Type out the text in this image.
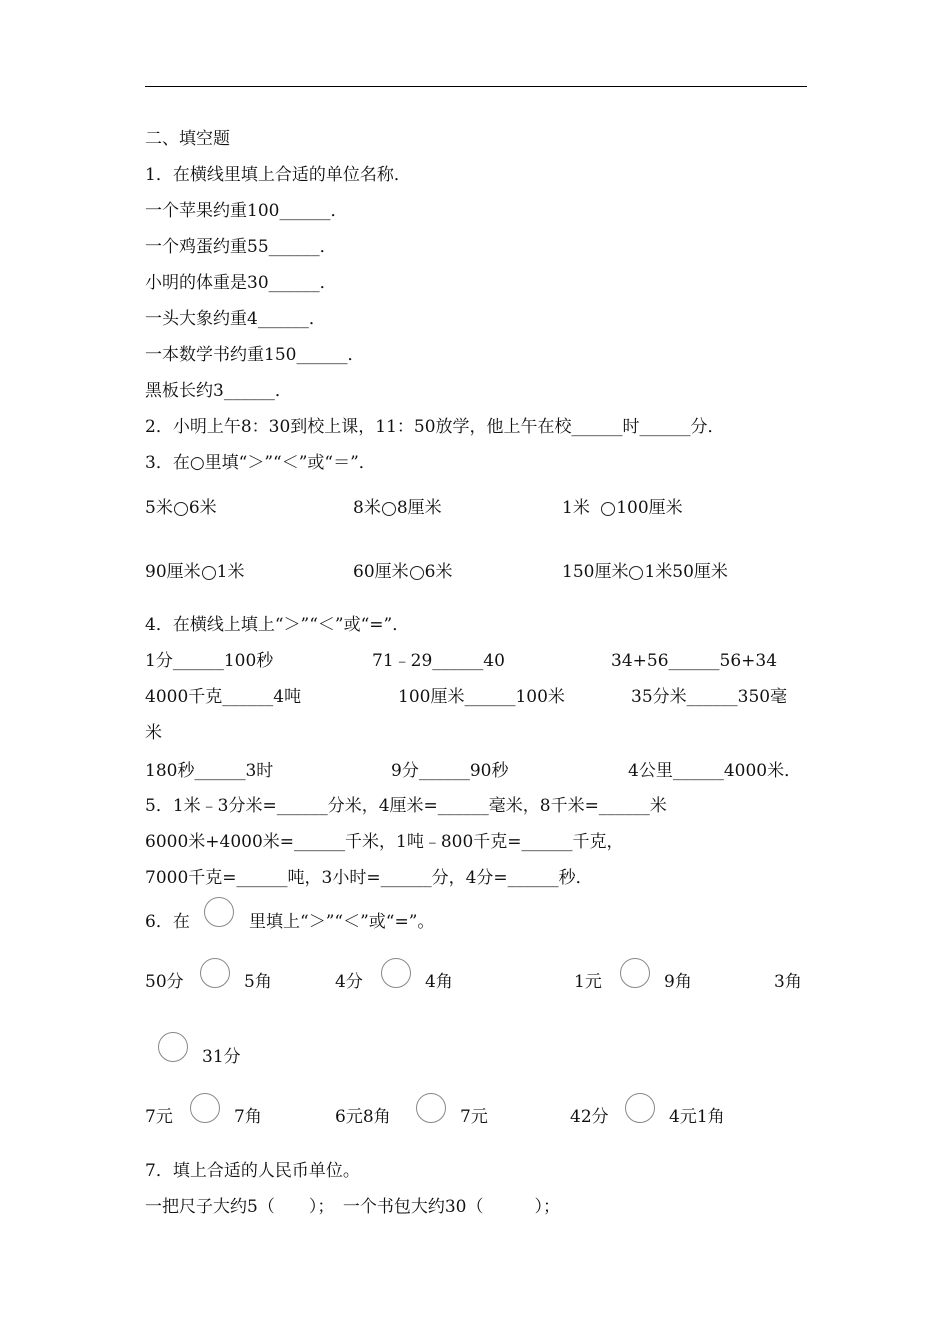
二、填空题
1．在横线里填上合适的单位名称．
一个苹果约重100______．
一个鸡蛋约重55______．
小明的体重是30______．
一头大象约重4______．
一本数学书约重150______．
黑板长约3______．
2．小明上午8：30到校上课，11：50放学，他上午在校______时______分．
3．在○里填“＞”“＜”或“＝”．
5米 6米	8米 8厘米	1米 100厘米
90厘米 1米	60厘米 6米	150厘米 1米50厘米
4．在横线上填上“＞”“＜”或“=”．
1分______100秒	71﹣29______40	34+56______56+34
4000千克______4吨	100厘米______100米	35分米______350毫
米
180秒______3时	9分______90秒	4公里______4000米．
5．1米﹣3分米=______分米，4厘米=______毫米，8千米=______米
6000米+4000米=______千米，1吨﹣800千克=______千克，
7000千克=______吨，3小时=______分，4分=______秒．
6．在	里填上“＞”“＜”或“=”。
50分	5角	4分	4角	1元	9角	3角
31分
7元	7角	6元8角	7元	42分	4元1角
7．填上合适的人民币单位。
一把尺子大约5（　　）；　一个书包大约30（　　　）；
